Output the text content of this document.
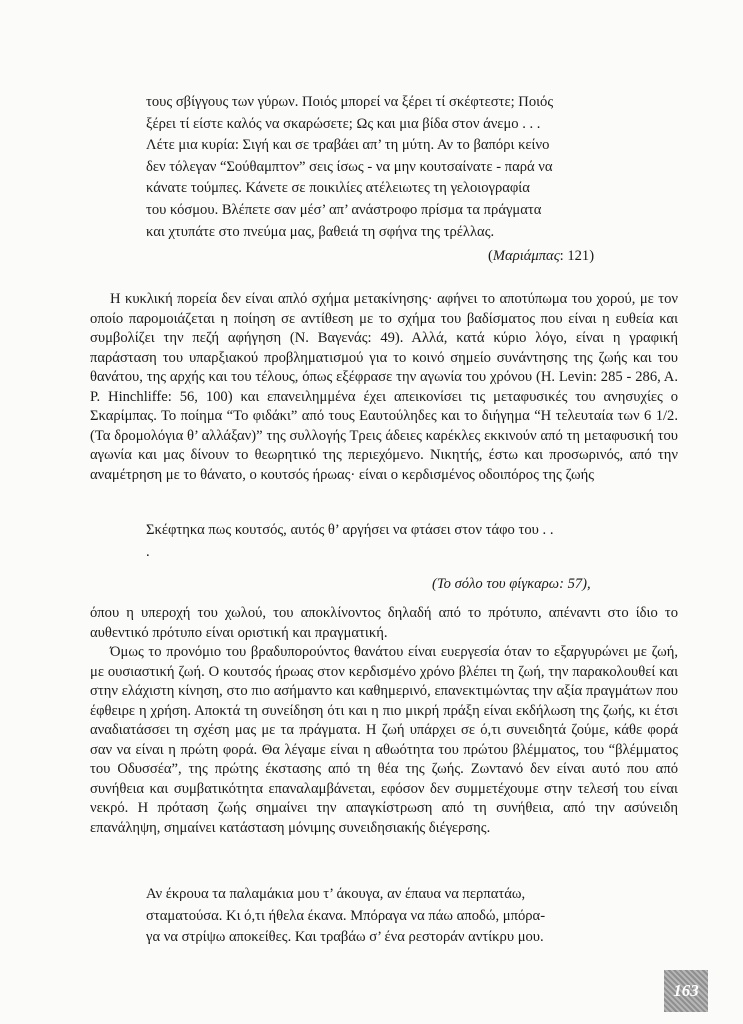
τους σβίγγους των γύρων. Ποιός μπορεί να ξέρει τί σκέφτεστε; Ποιός
ξέρει τί είστε καλός να σκαρώσετε; Ως και μια βίδα στον άνεμο . . .
Λέτε μια κυρία: Σιγή και σε τραβάει απ’ τη μύτη. Αν το βαπόρι κείνο
δεν τόλεγαν “Σούθαμπτον” σεις ίσως - να μην κουτσαίνατε - παρά να
κάνατε τούμπες. Κάνετε σε ποικιλίες ατέλειωτες τη γελοιογραφία
του κόσμου. Βλέπετε σαν μέσ’ απ’ ανάστροφο πρίσμα τα πράγματα
και χτυπάτε στο πνεύμα μας, βαθειά τη σφήνα της τρέλλας.
(Μαριάμπας: 121)

Η κυκλική πορεία δεν είναι απλό σχήμα μετακίνησης· αφήνει το αποτύπωμα του χορού, με τον οποίο παρομοιάζεται η ποίηση σε αντίθεση με το σχήμα του βαδίσματος που είναι η ευθεία και συμβολίζει την πεζή αφήγηση (Ν. Βαγενάς: 49). Αλλά, κατά κύριο λόγο, είναι η γραφική παράσταση του υπαρξιακού προβληματισμού για το κοινό σημείο συνάντησης της ζωής και του θανάτου, της αρχής και του τέλους, όπως εξέφρασε την αγωνία του χρόνου (H. Levin: 285 - 286, A. P. Hinchliffe: 56, 100) και επανειλημμένα έχει απεικονίσει τις μεταφυσικές του ανησυχίες ο Σκαρίμπας. Το ποίημα “Το φιδάκι” από τους Εαυτούληδες και το διήγημα “Η τελευταία των 6 1/2. (Τα δρομολόγια θ’ αλλάξαν)” της συλλογής Τρεις άδειες καρέκλες εκκινούν από τη μεταφυσική του αγωνία και μας δίνουν το θεωρητικό της περιεχόμενο. Νικητής, έστω και προσωρινός, από την αναμέτρηση με το θάνατο, ο κουτσός ήρωας· είναι ο κερδισμένος οδοιπόρος της ζωής

Σκέφτηκα πως κουτσός, αυτός θ’ αργήσει να φτάσει στον τάφο του . .
.
(Το σόλο του φίγκαρω: 57),

όπου η υπεροχή του χωλού, του αποκλίνοντος δηλαδή από το πρότυπο, απέναντι στο ίδιο το αυθεντικό πρότυπο είναι οριστική και πραγματική.

Όμως το προνόμιο του βραδυπορούντος θανάτου είναι ευεργεσία όταν το εξαργυρώνει με ζωή, με ουσιαστική ζωή. Ο κουτσός ήρωας στον κερδισμένο χρόνο βλέπει τη ζωή, την παρακολουθεί και στην ελάχιστη κίνηση, στο πιο ασήμαντο και καθημερινό, επανεκτιμώντας την αξία πραγμάτων που έφθειρε η χρήση. Αποκτά τη συνείδηση ότι και η πιο μικρή πράξη είναι εκδήλωση της ζωής, κι έτσι αναδιατάσσει τη σχέση μας με τα πράγματα. Η ζωή υπάρχει σε ό,τι συνειδητά ζούμε, κάθε φορά σαν να είναι η πρώτη φορά. Θα λέγαμε είναι η αθωότητα του πρώτου βλέμματος, του “βλέμματος του Οδυσσέα”, της πρώτης έκστασης από τη θέα της ζωής. Ζωντανό δεν είναι αυτό που από συνήθεια και συμβατικότητα επαναλαμβάνεται, εφόσον δεν συμμετέχουμε στην τελεσή του είναι νεκρό. Η πρόταση ζωής σημαίνει την απαγκίστρωση από τη συνήθεια, από την ασύνειδη επανάληψη, σημαίνει κατάσταση μόνιμης συνειδησιακής διέγερσης.

Αν έκρουα τα παλαμάκια μου τ’ άκουγα, αν έπαυα να περπατάω,
σταματούσα. Κι ό,τι ήθελα έκανα. Μπόραγα να πάω αποδώ, μπόρα-
γα να στρίψω αποκείθες. Και τραβάω σ’ ένα ρεστοράν αντίκρυ μου.
163
